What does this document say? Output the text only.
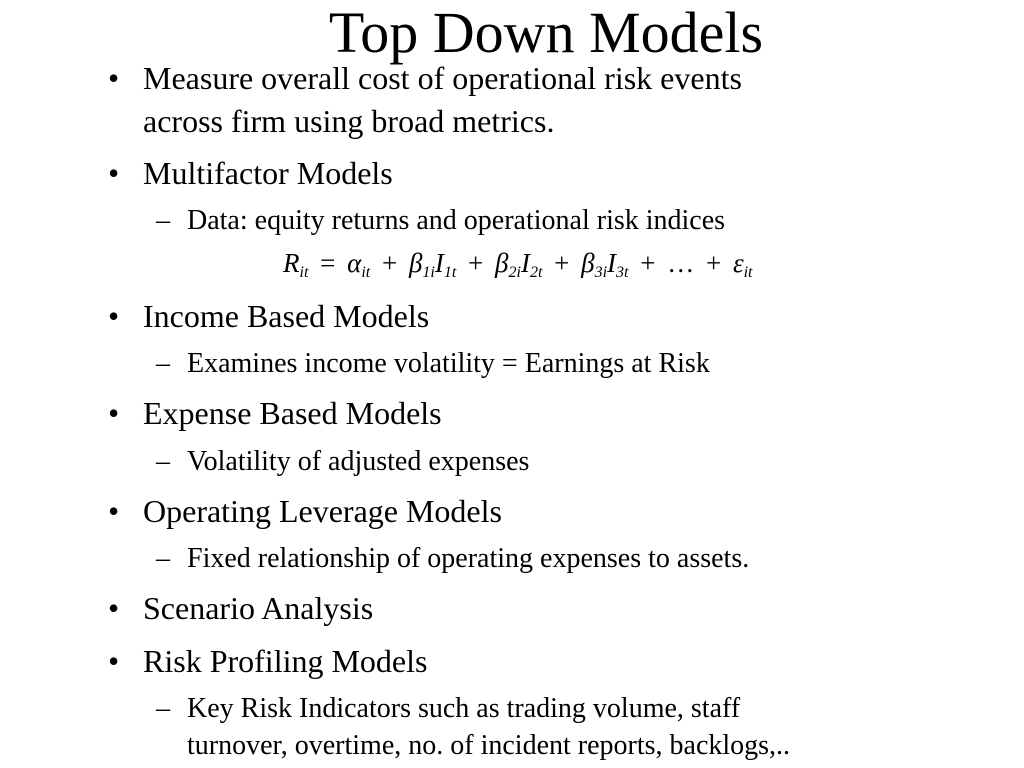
Top Down Models
• Measure overall cost of operational risk events
across firm using broad metrics.
• Multifactor Models
– Data: equity returns and operational risk indices
$R_{it} = \alpha_{it} + \beta_{1i}I_{1t} + \beta_{2i}I_{2t} + \beta_{3i}I_{3t}$ + … + $\varepsilon_{it}$
• Income Based Models
– Examines income volatility = Earnings at Risk
• Expense Based Models
– Volatility of adjusted expenses
• Operating Leverage Models
– Fixed relationship of operating expenses to assets.
• Scenario Analysis
• Risk Profiling Models
– Key Risk Indicators such as trading volume, staff
turnover, overtime, no. of incident reports, backlogs,..
